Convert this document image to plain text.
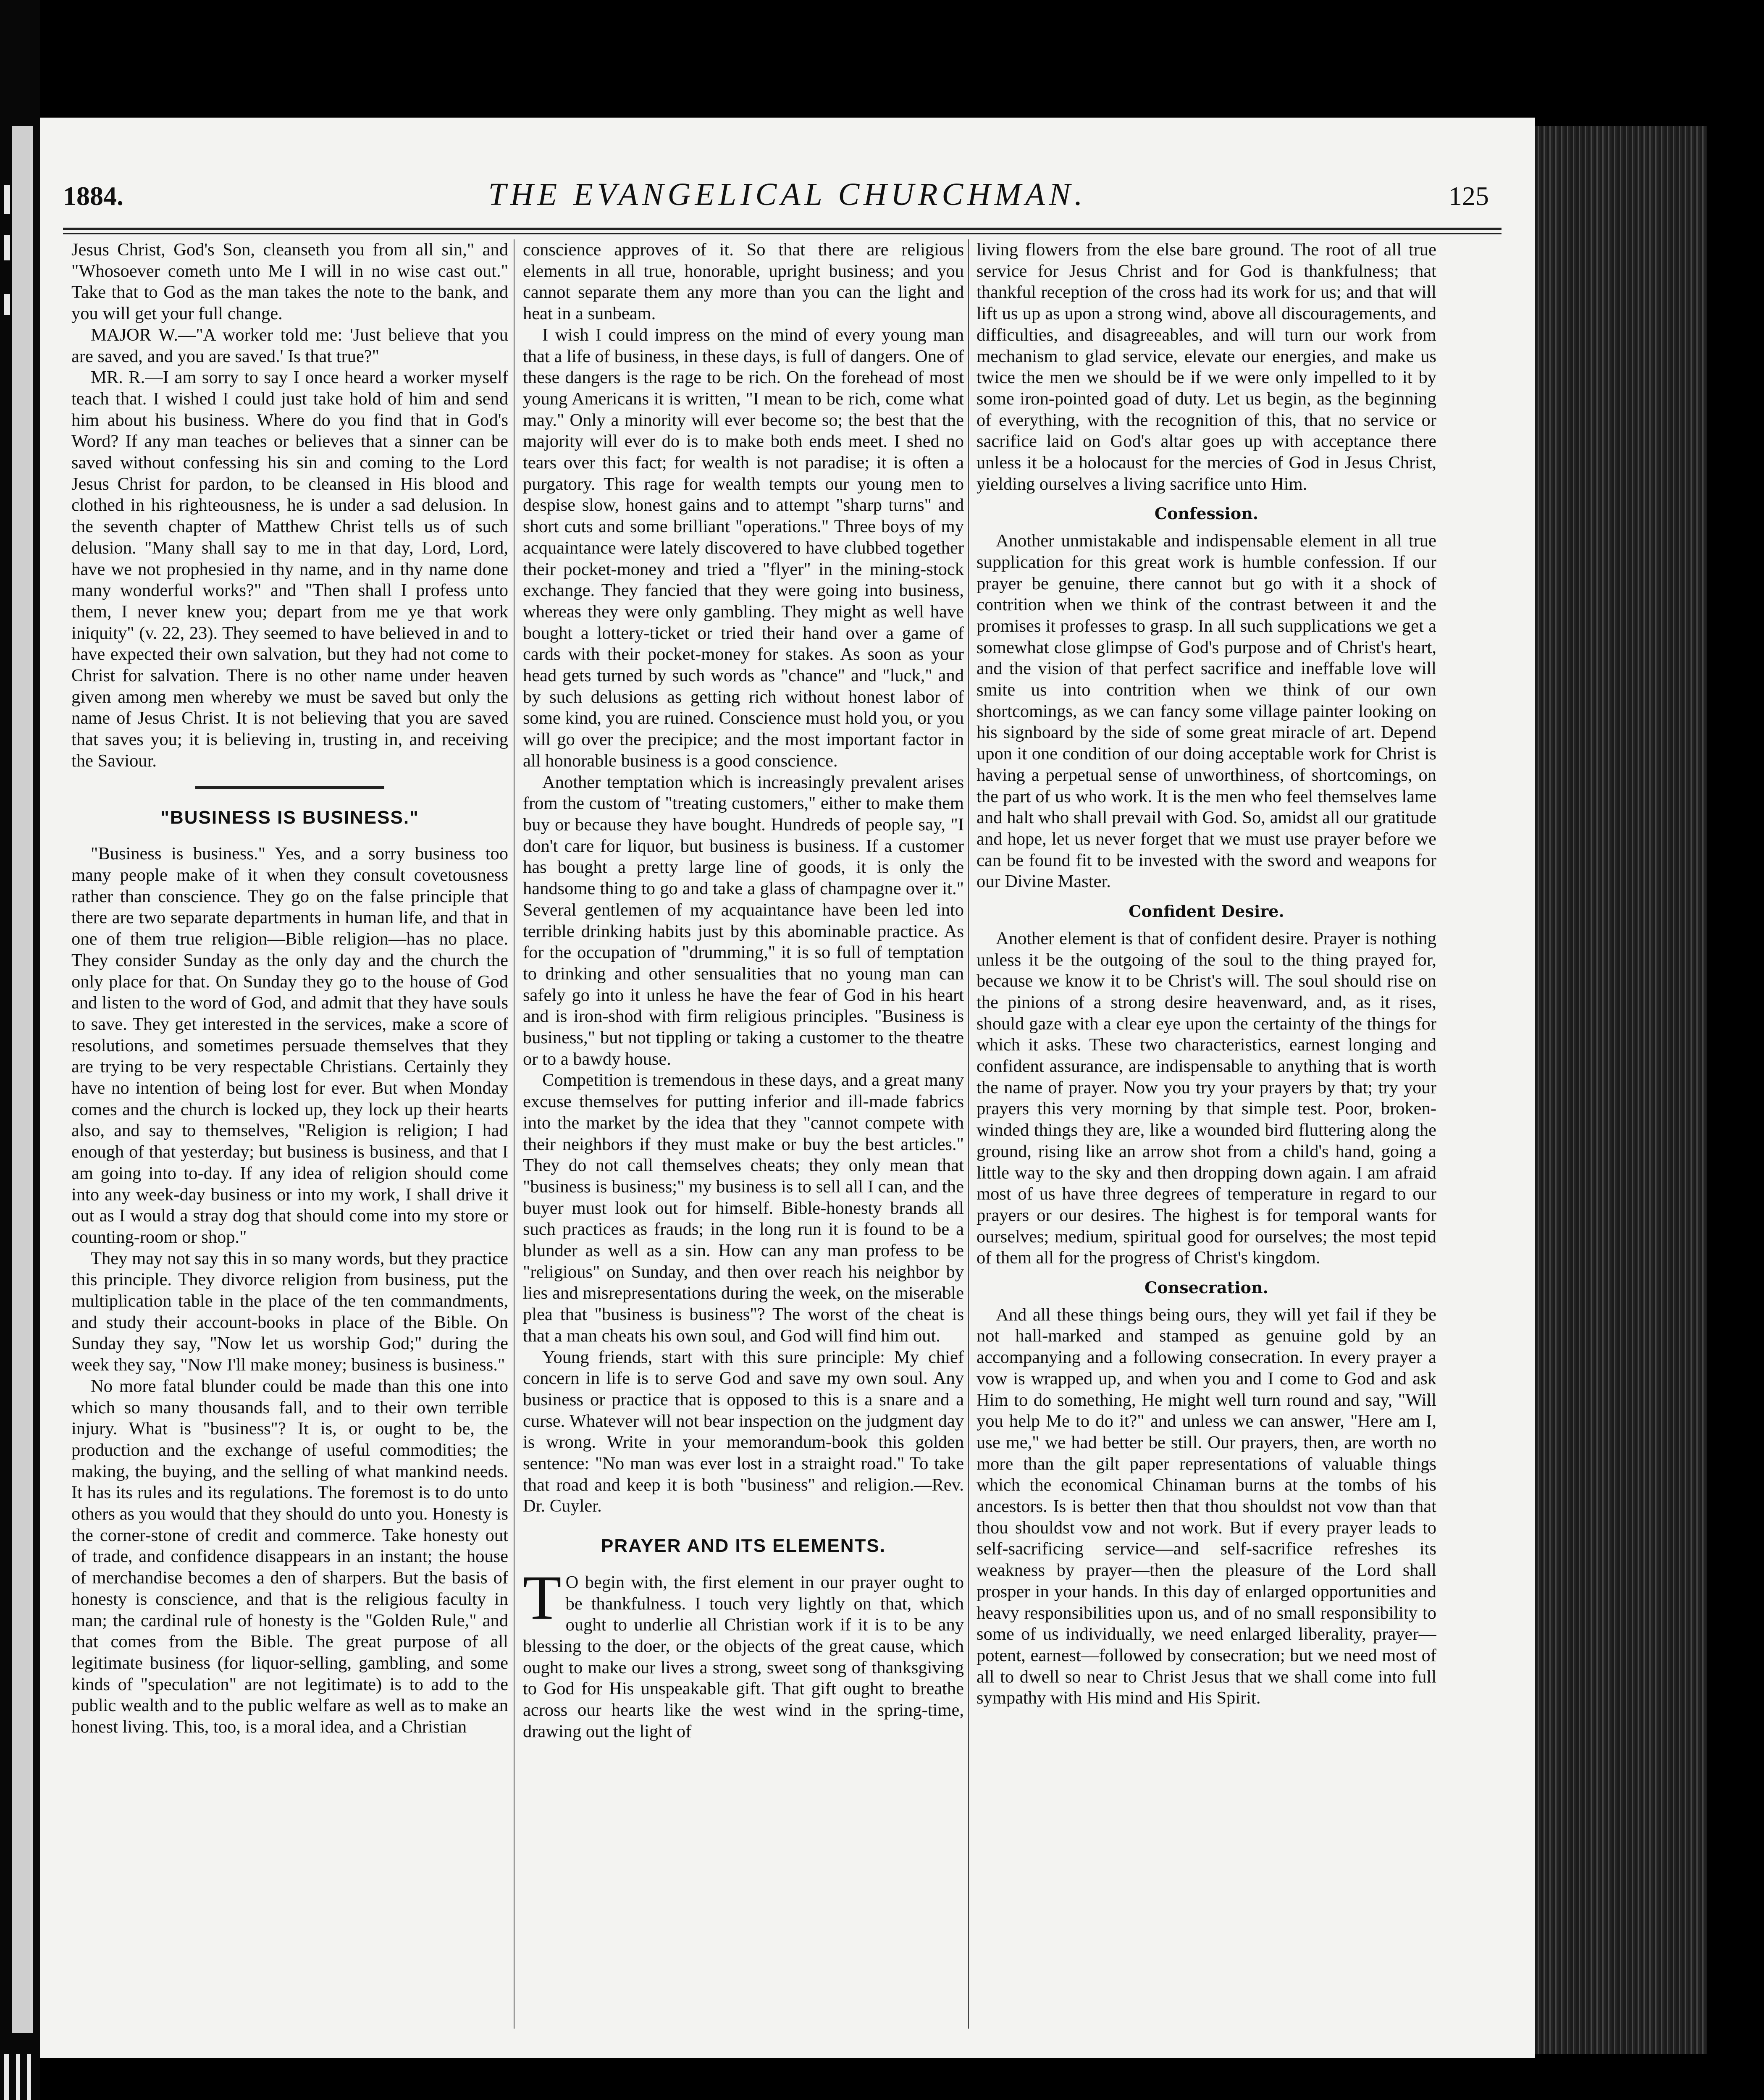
1884.	THE EVANGELICAL CHURCHMAN.	125

Jesus Christ, God's Son, cleanseth you from all sin," and "Whosoever cometh unto Me I will in no wise cast out." Take that to God as the man takes the note to the bank, and you will get your full change.

MAJOR W.—"A worker told me: 'Just believe that you are saved, and you are saved.' Is that true?"

MR. R.—I am sorry to say I once heard a worker myself teach that. I wished I could just take hold of him and send him about his business. Where do you find that in God's Word? If any man teaches or believes that a sinner can be saved without confessing his sin and coming to the Lord Jesus Christ for pardon, to be cleansed in His blood and clothed in his righteousness, he is under a sad delusion. In the seventh chapter of Matthew Christ tells us of such delusion. "Many shall say to me in that day, Lord, Lord, have we not prophesied in thy name, and in thy name done many wonderful works?" and "Then shall I profess unto them, I never knew you; depart from me ye that work iniquity" (v. 22, 23). They seemed to have believed in and to have expected their own salvation, but they had not come to Christ for salvation. There is no other name under heaven given among men whereby we must be saved but only the name of Jesus Christ. It is not believing that you are saved that saves you; it is believing in, trusting in, and receiving the Saviour.

"BUSINESS IS BUSINESS."

"Business is business." Yes, and a sorry business too many people make of it when they consult covetousness rather than conscience. They go on the false principle that there are two separate departments in human life, and that in one of them true religion—Bible religion—has no place. They consider Sunday as the only day and the church the only place for that. On Sunday they go to the house of God and listen to the word of God, and admit that they have souls to save. They get interested in the services, make a score of resolutions, and sometimes persuade themselves that they are trying to be very respectable Christians. Certainly they have no intention of being lost for ever. But when Monday comes and the church is locked up, they lock up their hearts also, and say to themselves, "Religion is religion; I had enough of that yesterday; but business is business, and that I am going into to-day. If any idea of religion should come into any week-day business or into my work, I shall drive it out as I would a stray dog that should come into my store or counting-room or shop."

They may not say this in so many words, but they practice this principle. They divorce religion from business, put the multiplication table in the place of the ten commandments, and study their account-books in place of the Bible. On Sunday they say, "Now let us worship God;" during the week they say, "Now I'll make money; business is business."

No more fatal blunder could be made than this one into which so many thousands fall, and to their own terrible injury. What is "business"? It is, or ought to be, the production and the exchange of useful commodities; the making, the buying, and the selling of what mankind needs. It has its rules and its regulations. The foremost is to do unto others as you would that they should do unto you. Honesty is the corner-stone of credit and commerce. Take honesty out of trade, and confidence disappears in an instant; the house of merchandise becomes a den of sharpers. But the basis of honesty is conscience, and that is the religious faculty in man; the cardinal rule of honesty is the "Golden Rule," and that comes from the Bible. The great purpose of all legitimate business (for liquor-selling, gambling, and some kinds of "speculation" are not legitimate) is to add to the public wealth and to the public welfare as well as to make an honest living. This, too, is a moral idea, and a Christian

conscience approves of it. So that there are religious elements in all true, honorable, upright business; and you cannot separate them any more than you can the light and heat in a sunbeam.

I wish I could impress on the mind of every young man that a life of business, in these days, is full of dangers. One of these dangers is the rage to be rich. On the forehead of most young Americans it is written, "I mean to be rich, come what may." Only a minority will ever become so; the best that the majority will ever do is to make both ends meet. I shed no tears over this fact; for wealth is not paradise; it is often a purgatory. This rage for wealth tempts our young men to despise slow, honest gains and to attempt "sharp turns" and short cuts and some brilliant "operations." Three boys of my acquaintance were lately discovered to have clubbed together their pocket-money and tried a "flyer" in the mining-stock exchange. They fancied that they were going into business, whereas they were only gambling. They might as well have bought a lottery-ticket or tried their hand over a game of cards with their pocket-money for stakes. As soon as your head gets turned by such words as "chance" and "luck," and by such delusions as getting rich without honest labor of some kind, you are ruined. Conscience must hold you, or you will go over the precipice; and the most important factor in all honorable business is a good conscience.

Another temptation which is increasingly prevalent arises from the custom of "treating customers," either to make them buy or because they have bought. Hundreds of people say, "I don't care for liquor, but business is business. If a customer has bought a pretty large line of goods, it is only the handsome thing to go and take a glass of champagne over it." Several gentlemen of my acquaintance have been led into terrible drinking habits just by this abominable practice. As for the occupation of "drumming," it is so full of temptation to drinking and other sensualities that no young man can safely go into it unless he have the fear of God in his heart and is iron-shod with firm religious principles. "Business is business," but not tippling or taking a customer to the theatre or to a bawdy house.

Competition is tremendous in these days, and a great many excuse themselves for putting inferior and ill-made fabrics into the market by the idea that they "cannot compete with their neighbors if they must make or buy the best articles." They do not call themselves cheats; they only mean that "business is business;" my business is to sell all I can, and the buyer must look out for himself. Bible-honesty brands all such practices as frauds; in the long run it is found to be a blunder as well as a sin. How can any man profess to be "religious" on Sunday, and then over reach his neighbor by lies and misrepresentations during the week, on the miserable plea that "business is business"? The worst of the cheat is that a man cheats his own soul, and God will find him out.

Young friends, start with this sure principle: My chief concern in life is to serve God and save my own soul. Any business or practice that is opposed to this is a snare and a curse. Whatever will not bear inspection on the judgment day is wrong. Write in your memorandum-book this golden sentence: "No man was ever lost in a straight road." To take that road and keep it is both "business" and religion.—Rev. Dr. Cuyler.

PRAYER AND ITS ELEMENTS.

T O begin with, the first element in our prayer ought to be thankfulness. I touch very lightly on that, which ought to underlie all Christian work if it is to be any blessing to the doer, or the objects of the great cause, which ought to make our lives a strong, sweet song of thanksgiving to God for His unspeakable gift. That gift ought to breathe across our hearts like the west wind in the spring-time, drawing out the light of

living flowers from the else bare ground. The root of all true service for Jesus Christ and for God is thankfulness; that thankful reception of the cross had its work for us; and that will lift us up as upon a strong wind, above all discouragements, and difficulties, and disagreeables, and will turn our work from mechanism to glad service, elevate our energies, and make us twice the men we should be if we were only impelled to it by some iron-pointed goad of duty. Let us begin, as the beginning of everything, with the recognition of this, that no service or sacrifice laid on God's altar goes up with acceptance there unless it be a holocaust for the mercies of God in Jesus Christ, yielding ourselves a living sacrifice unto Him.

Confession.

Another unmistakable and indispensable element in all true supplication for this great work is humble confession. If our prayer be genuine, there cannot but go with it a shock of contrition when we think of the contrast between it and the promises it professes to grasp. In all such supplications we get a somewhat close glimpse of God's purpose and of Christ's heart, and the vision of that perfect sacrifice and ineffable love will smite us into contrition when we think of our own shortcomings, as we can fancy some village painter looking on his signboard by the side of some great miracle of art. Depend upon it one condition of our doing acceptable work for Christ is having a perpetual sense of unworthiness, of shortcomings, on the part of us who work. It is the men who feel themselves lame and halt who shall prevail with God. So, amidst all our gratitude and hope, let us never forget that we must use prayer before we can be found fit to be invested with the sword and weapons for our Divine Master.

Confident Desire.

Another element is that of confident desire. Prayer is nothing unless it be the outgoing of the soul to the thing prayed for, because we know it to be Christ's will. The soul should rise on the pinions of a strong desire heavenward, and, as it rises, should gaze with a clear eye upon the certainty of the things for which it asks. These two characteristics, earnest longing and confident assurance, are indispensable to anything that is worth the name of prayer. Now you try your prayers by that; try your prayers this very morning by that simple test. Poor, broken-winded things they are, like a wounded bird fluttering along the ground, rising like an arrow shot from a child's hand, going a little way to the sky and then dropping down again. I am afraid most of us have three degrees of temperature in regard to our prayers or our desires. The highest is for temporal wants for ourselves; medium, spiritual good for ourselves; the most tepid of them all for the progress of Christ's kingdom.

Consecration.

And all these things being ours, they will yet fail if they be not hall-marked and stamped as genuine gold by an accompanying and a following consecration. In every prayer a vow is wrapped up, and when you and I come to God and ask Him to do something, He might well turn round and say, "Will you help Me to do it?" and unless we can answer, "Here am I, use me," we had better be still. Our prayers, then, are worth no more than the gilt paper representations of valuable things which the economical Chinaman burns at the tombs of his ancestors. Is is better then that thou shouldst not vow than that thou shouldst vow and not work. But if every prayer leads to self-sacrificing service—and self-sacrifice refreshes its weakness by prayer—then the pleasure of the Lord shall prosper in your hands. In this day of enlarged opportunities and heavy responsibilities upon us, and of no small responsibility to some of us individually, we need enlarged liberality, prayer—potent, earnest—followed by consecration; but we need most of all to dwell so near to Christ Jesus that we shall come into full sympathy with His mind and His Spirit.
